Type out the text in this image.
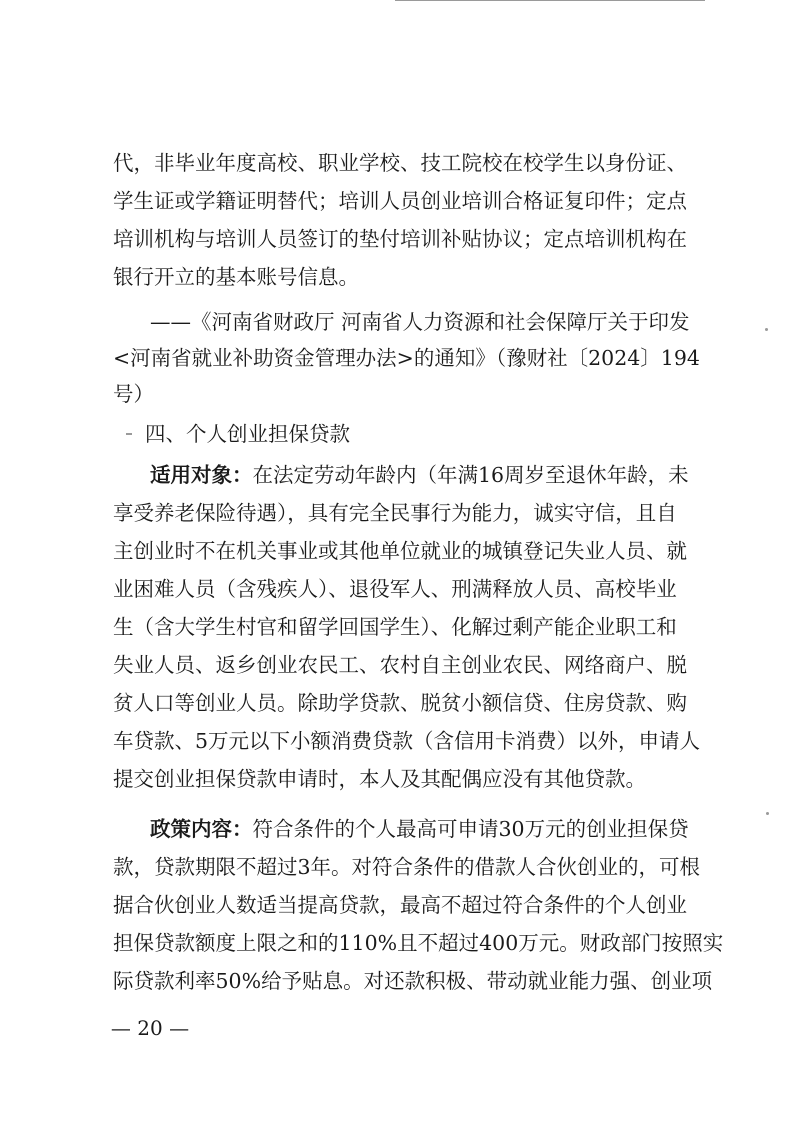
代，非毕业年度高校、职业学校、技工院校在校学生以身份证、
学生证或学籍证明替代；培训人员创业培训合格证复印件；定点
培训机构与培训人员签订的垫付培训补贴协议；定点培训机构在
银行开立的基本账号信息。
——《河南省财政厅 河南省人力资源和社会保障厅关于印发
<河南省就业补助资金管理办法>的通知》（豫财社〔2024〕194
号）
四、个人创业担保贷款
适用对象：在法定劳动年龄内（年满16周岁至退休年龄，未
享受养老保险待遇），具有完全民事行为能力，诚实守信，且自
主创业时不在机关事业或其他单位就业的城镇登记失业人员、就
业困难人员（含残疾人）、退役军人、刑满释放人员、高校毕业
生（含大学生村官和留学回国学生）、化解过剩产能企业职工和
失业人员、返乡创业农民工、农村自主创业农民、网络商户、脱
贫人口等创业人员。除助学贷款、脱贫小额信贷、住房贷款、购
车贷款、5万元以下小额消费贷款（含信用卡消费）以外，申请人
提交创业担保贷款申请时，本人及其配偶应没有其他贷款。
政策内容：符合条件的个人最高可申请30万元的创业担保贷
款，贷款期限不超过3年。对符合条件的借款人合伙创业的，可根
据合伙创业人数适当提高贷款，最高不超过符合条件的个人创业
担保贷款额度上限之和的110%且不超过400万元。财政部门按照实
际贷款利率50%给予贴息。对还款积极、带动就业能力强、创业项
— 20 —
